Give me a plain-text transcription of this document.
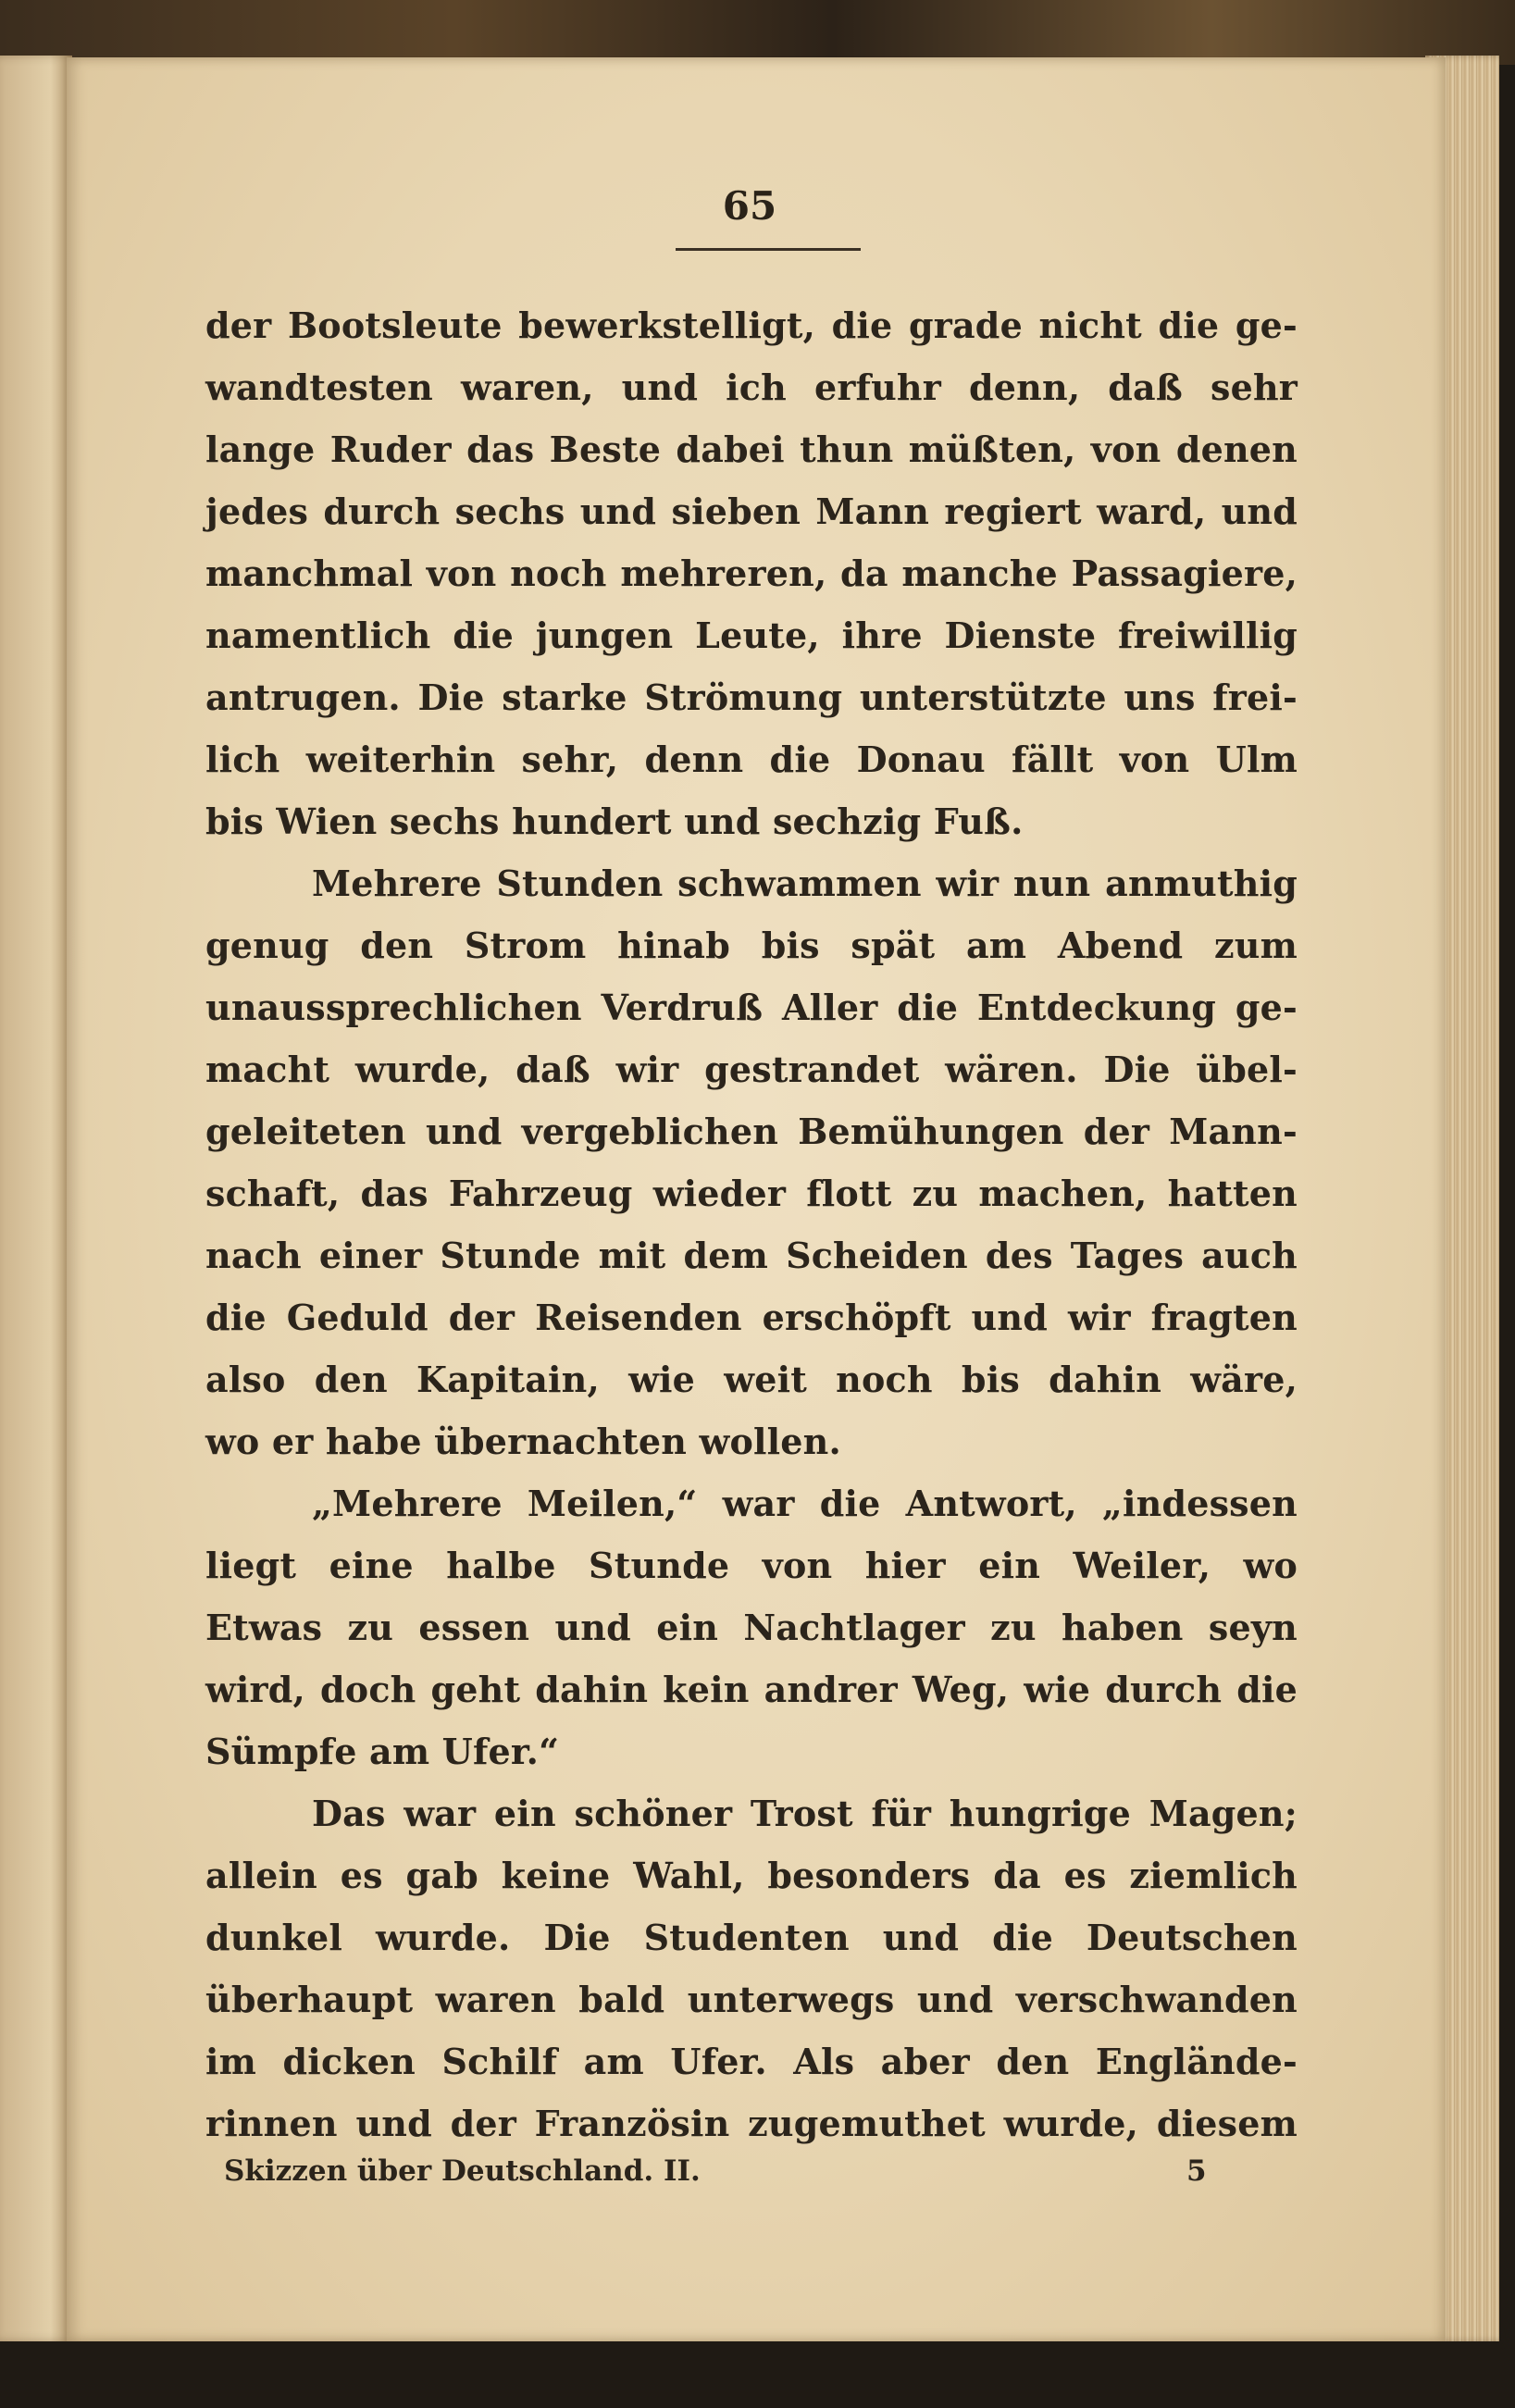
65
der Bootsleute bewerkstelligt, die grade nicht die ge-
wandtesten waren, und ich erfuhr denn, daß sehr
lange Ruder das Beste dabei thun müßten, von denen
jedes durch sechs und sieben Mann regiert ward, und
manchmal von noch mehreren, da manche Passagiere,
namentlich die jungen Leute, ihre Dienste freiwillig
antrugen. Die starke Strömung unterstützte uns frei-
lich weiterhin sehr, denn die Donau fällt von Ulm
bis Wien sechs hundert und sechzig Fuß.
Mehrere Stunden schwammen wir nun anmuthig
genug den Strom hinab bis spät am Abend zum
unaussprechlichen Verdruß Aller die Entdeckung ge-
macht wurde, daß wir gestrandet wären. Die übel-
geleiteten und vergeblichen Bemühungen der Mann-
schaft, das Fahrzeug wieder flott zu machen, hatten
nach einer Stunde mit dem Scheiden des Tages auch
die Geduld der Reisenden erschöpft und wir fragten
also den Kapitain, wie weit noch bis dahin wäre,
wo er habe übernachten wollen.
„Mehrere Meilen,“ war die Antwort, „indessen
liegt eine halbe Stunde von hier ein Weiler, wo
Etwas zu essen und ein Nachtlager zu haben seyn
wird, doch geht dahin kein andrer Weg, wie durch die
Sümpfe am Ufer.“
Das war ein schöner Trost für hungrige Magen;
allein es gab keine Wahl, besonders da es ziemlich
dunkel wurde. Die Studenten und die Deutschen
überhaupt waren bald unterwegs und verschwanden
im dicken Schilf am Ufer. Als aber den Englände-
rinnen und der Französin zugemuthet wurde, diesem
Skizzen über Deutschland. II.	5
